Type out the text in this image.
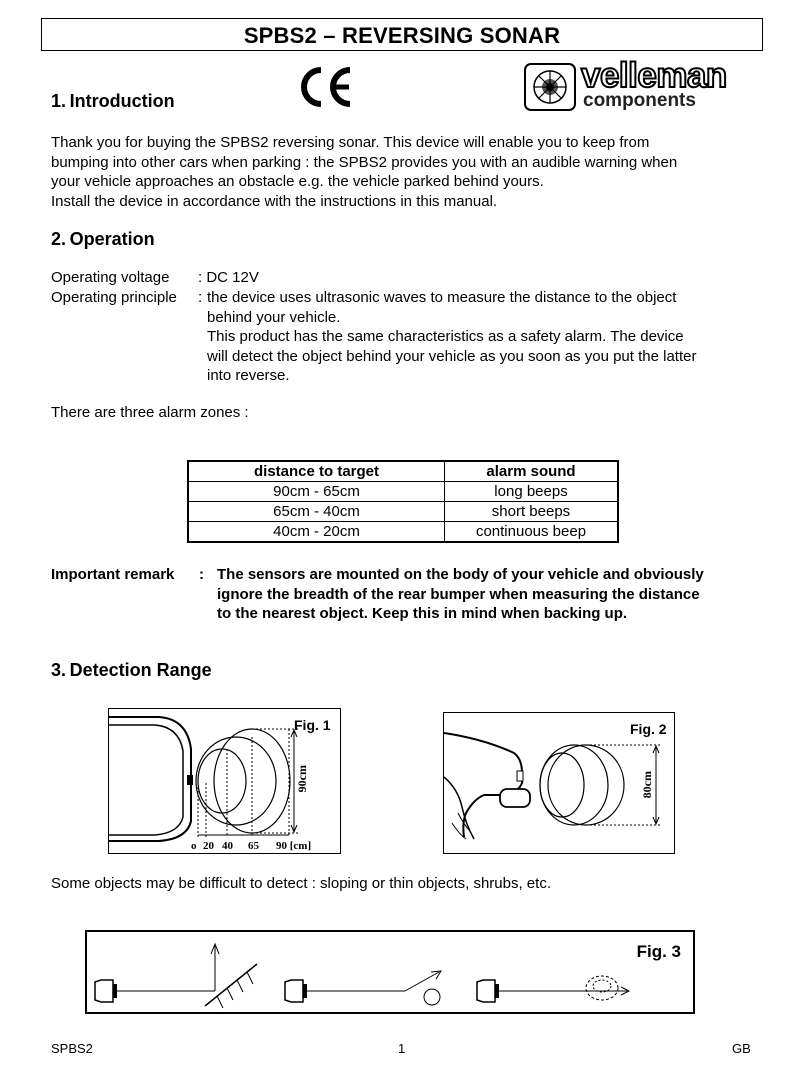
SPBS2 – REVERSING SONAR
1. Introduction
velleman
components
Thank you for buying the SPBS2 reversing sonar. This device will enable you to keep from
bumping into other cars when parking : the SPBS2 provides you with an audible warning when
your vehicle approaches an obstacle e.g. the vehicle parked behind yours.
Install the device in accordance with the instructions in this manual.
2. Operation
Operating voltage : DC 12V
Operating principle : the device uses ultrasonic waves to measure the distance to the object
behind your vehicle.
This product has the same characteristics as a safety alarm. The device
will detect the object behind your vehicle as you soon as you put the latter
into reverse.
There are three alarm zones :
distance to target	alarm sound
90cm - 65cm	long beeps
65cm - 40cm	short beeps
40cm - 20cm	continuous beep
Important remark : The sensors are mounted on the body of your vehicle and obviously
ignore the breadth of the rear bumper when measuring the distance
to the nearest object. Keep this in mind when backing up.
3. Detection Range
Fig. 1
90cm
o 20 40 65 90 [cm]
Fig. 2
80cm
Some objects may be difficult to detect : sloping or thin objects, shrubs, etc.
Fig. 3
SPBS2	1	GB
